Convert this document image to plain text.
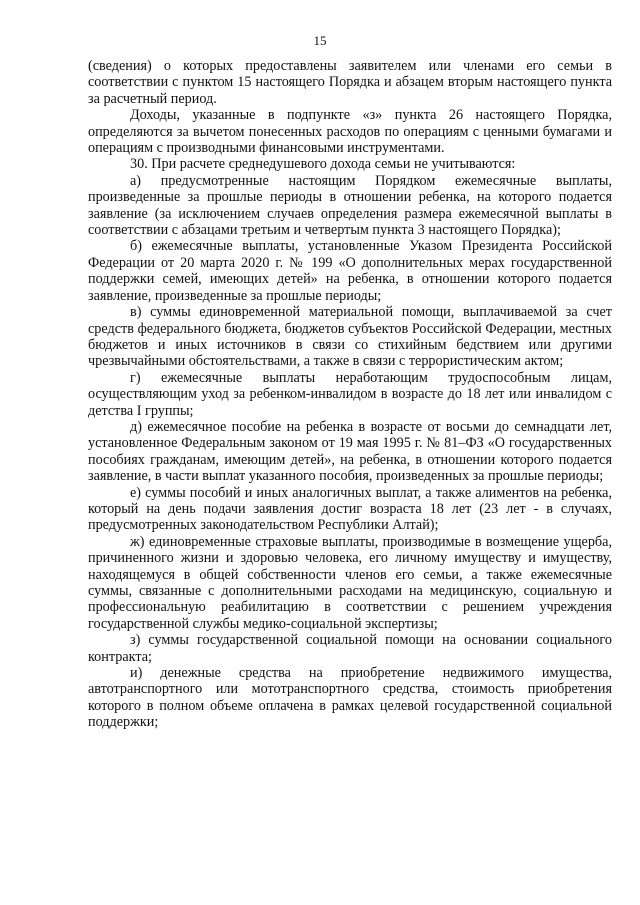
15

(сведения) о которых предоставлены заявителем или членами его семьи в соответствии с пунктом 15 настоящего Порядка и абзацем вторым настоящего пункта за расчетный период.

Доходы, указанные в подпункте «з» пункта 26 настоящего Порядка, определяются за вычетом понесенных расходов по операциям с ценными бумагами и операциям с производными финансовыми инструментами.

30. При расчете среднедушевого дохода семьи не учитываются:

а) предусмотренные настоящим Порядком ежемесячные выплаты, произведенные за прошлые периоды в отношении ребенка, на которого подается заявление (за исключением случаев определения размера ежемесячной выплаты в соответствии с абзацами третьим и четвертым пункта 3 настоящего Порядка);

б) ежемесячные выплаты, установленные Указом Президента Российской Федерации от 20 марта 2020 г. № 199 «О дополнительных мерах государственной поддержки семей, имеющих детей» на ребенка, в отношении которого подается заявление, произведенные за прошлые периоды;

в) суммы единовременной материальной помощи, выплачиваемой за счет средств федерального бюджета, бюджетов субъектов Российской Федерации, местных бюджетов и иных источников в связи со стихийным бедствием или другими чрезвычайными обстоятельствами, а также в связи с террористическим актом;

г) ежемесячные выплаты неработающим трудоспособным лицам, осуществляющим уход за ребенком-инвалидом в возрасте до 18 лет или инвалидом с детства I группы;

д) ежемесячное пособие на ребенка в возрасте от восьми до семнадцати лет, установленное Федеральным законом от 19 мая 1995 г. № 81–ФЗ «О государственных пособиях гражданам, имеющим детей», на ребенка, в отношении которого подается заявление, в части выплат указанного пособия, произведенных за прошлые периоды;

е) суммы пособий и иных аналогичных выплат, а также алиментов на ребенка, который на день подачи заявления достиг возраста 18 лет (23 лет - в случаях, предусмотренных законодательством Республики Алтай);

ж) единовременные страховые выплаты, производимые в возмещение ущерба, причиненного жизни и здоровью человека, его личному имуществу и имуществу, находящемуся в общей собственности членов его семьи, а также ежемесячные суммы, связанные с дополнительными расходами на медицинскую, социальную и профессиональную реабилитацию в соответствии с решением учреждения государственной службы медико-социальной экспертизы;

з) суммы государственной социальной помощи на основании социального контракта;

и) денежные средства на приобретение недвижимого имущества, автотранспортного или мототранспортного средства, стоимость приобретения которого в полном объеме оплачена в рамках целевой государственной социальной поддержки;
